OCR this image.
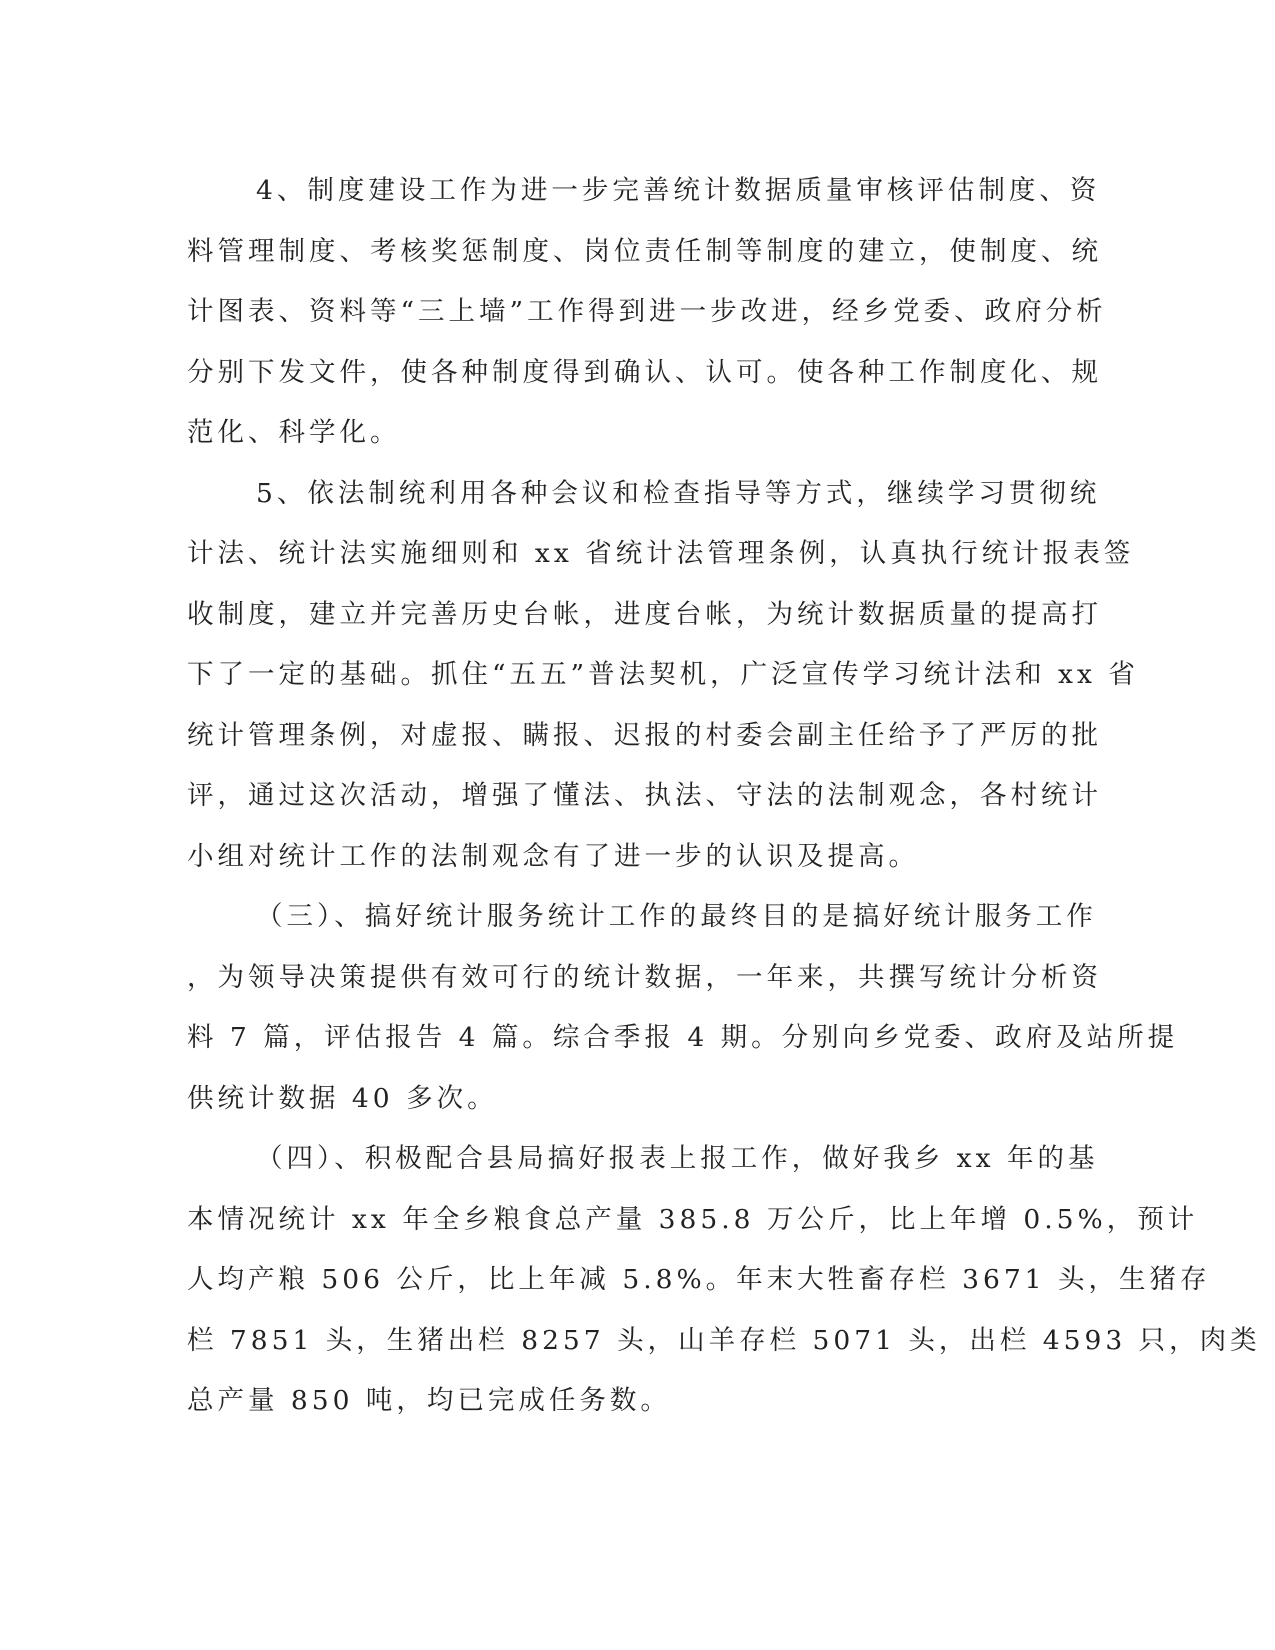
4、制度建设工作为进一步完善统计数据质量审核评估制度、资
料管理制度、考核奖惩制度、岗位责任制等制度的建立，使制度、统
计图表、资料等“三上墙”工作得到进一步改进，经乡党委、政府分析
分别下发文件，使各种制度得到确认、认可。使各种工作制度化、规
范化、科学化。
5、依法制统利用各种会议和检查指导等方式，继续学习贯彻统
计法、统计法实施细则和 xx 省统计法管理条例，认真执行统计报表签
收制度，建立并完善历史台帐，进度台帐，为统计数据质量的提高打
下了一定的基础。抓住“五五”普法契机，广泛宣传学习统计法和 xx 省
统计管理条例，对虚报、瞒报、迟报的村委会副主任给予了严厉的批
评，通过这次活动，增强了懂法、执法、守法的法制观念，各村统计
小组对统计工作的法制观念有了进一步的认识及提高。
（三）、搞好统计服务统计工作的最终目的是搞好统计服务工作
，为领导决策提供有效可行的统计数据，一年来，共撰写统计分析资
料 7 篇，评估报告 4 篇。综合季报 4 期。分别向乡党委、政府及站所提
供统计数据 40 多次。
（四）、积极配合县局搞好报表上报工作，做好我乡 xx 年的基
本情况统计 xx 年全乡粮食总产量 385.8 万公斤，比上年增 0.5%，预计
人均产粮 506 公斤，比上年减 5.8%。年末大牲畜存栏 3671 头，生猪存
栏 7851 头，生猪出栏 8257 头，山羊存栏 5071 头，出栏 4593 只，肉类
总产量 850 吨，均已完成任务数。
